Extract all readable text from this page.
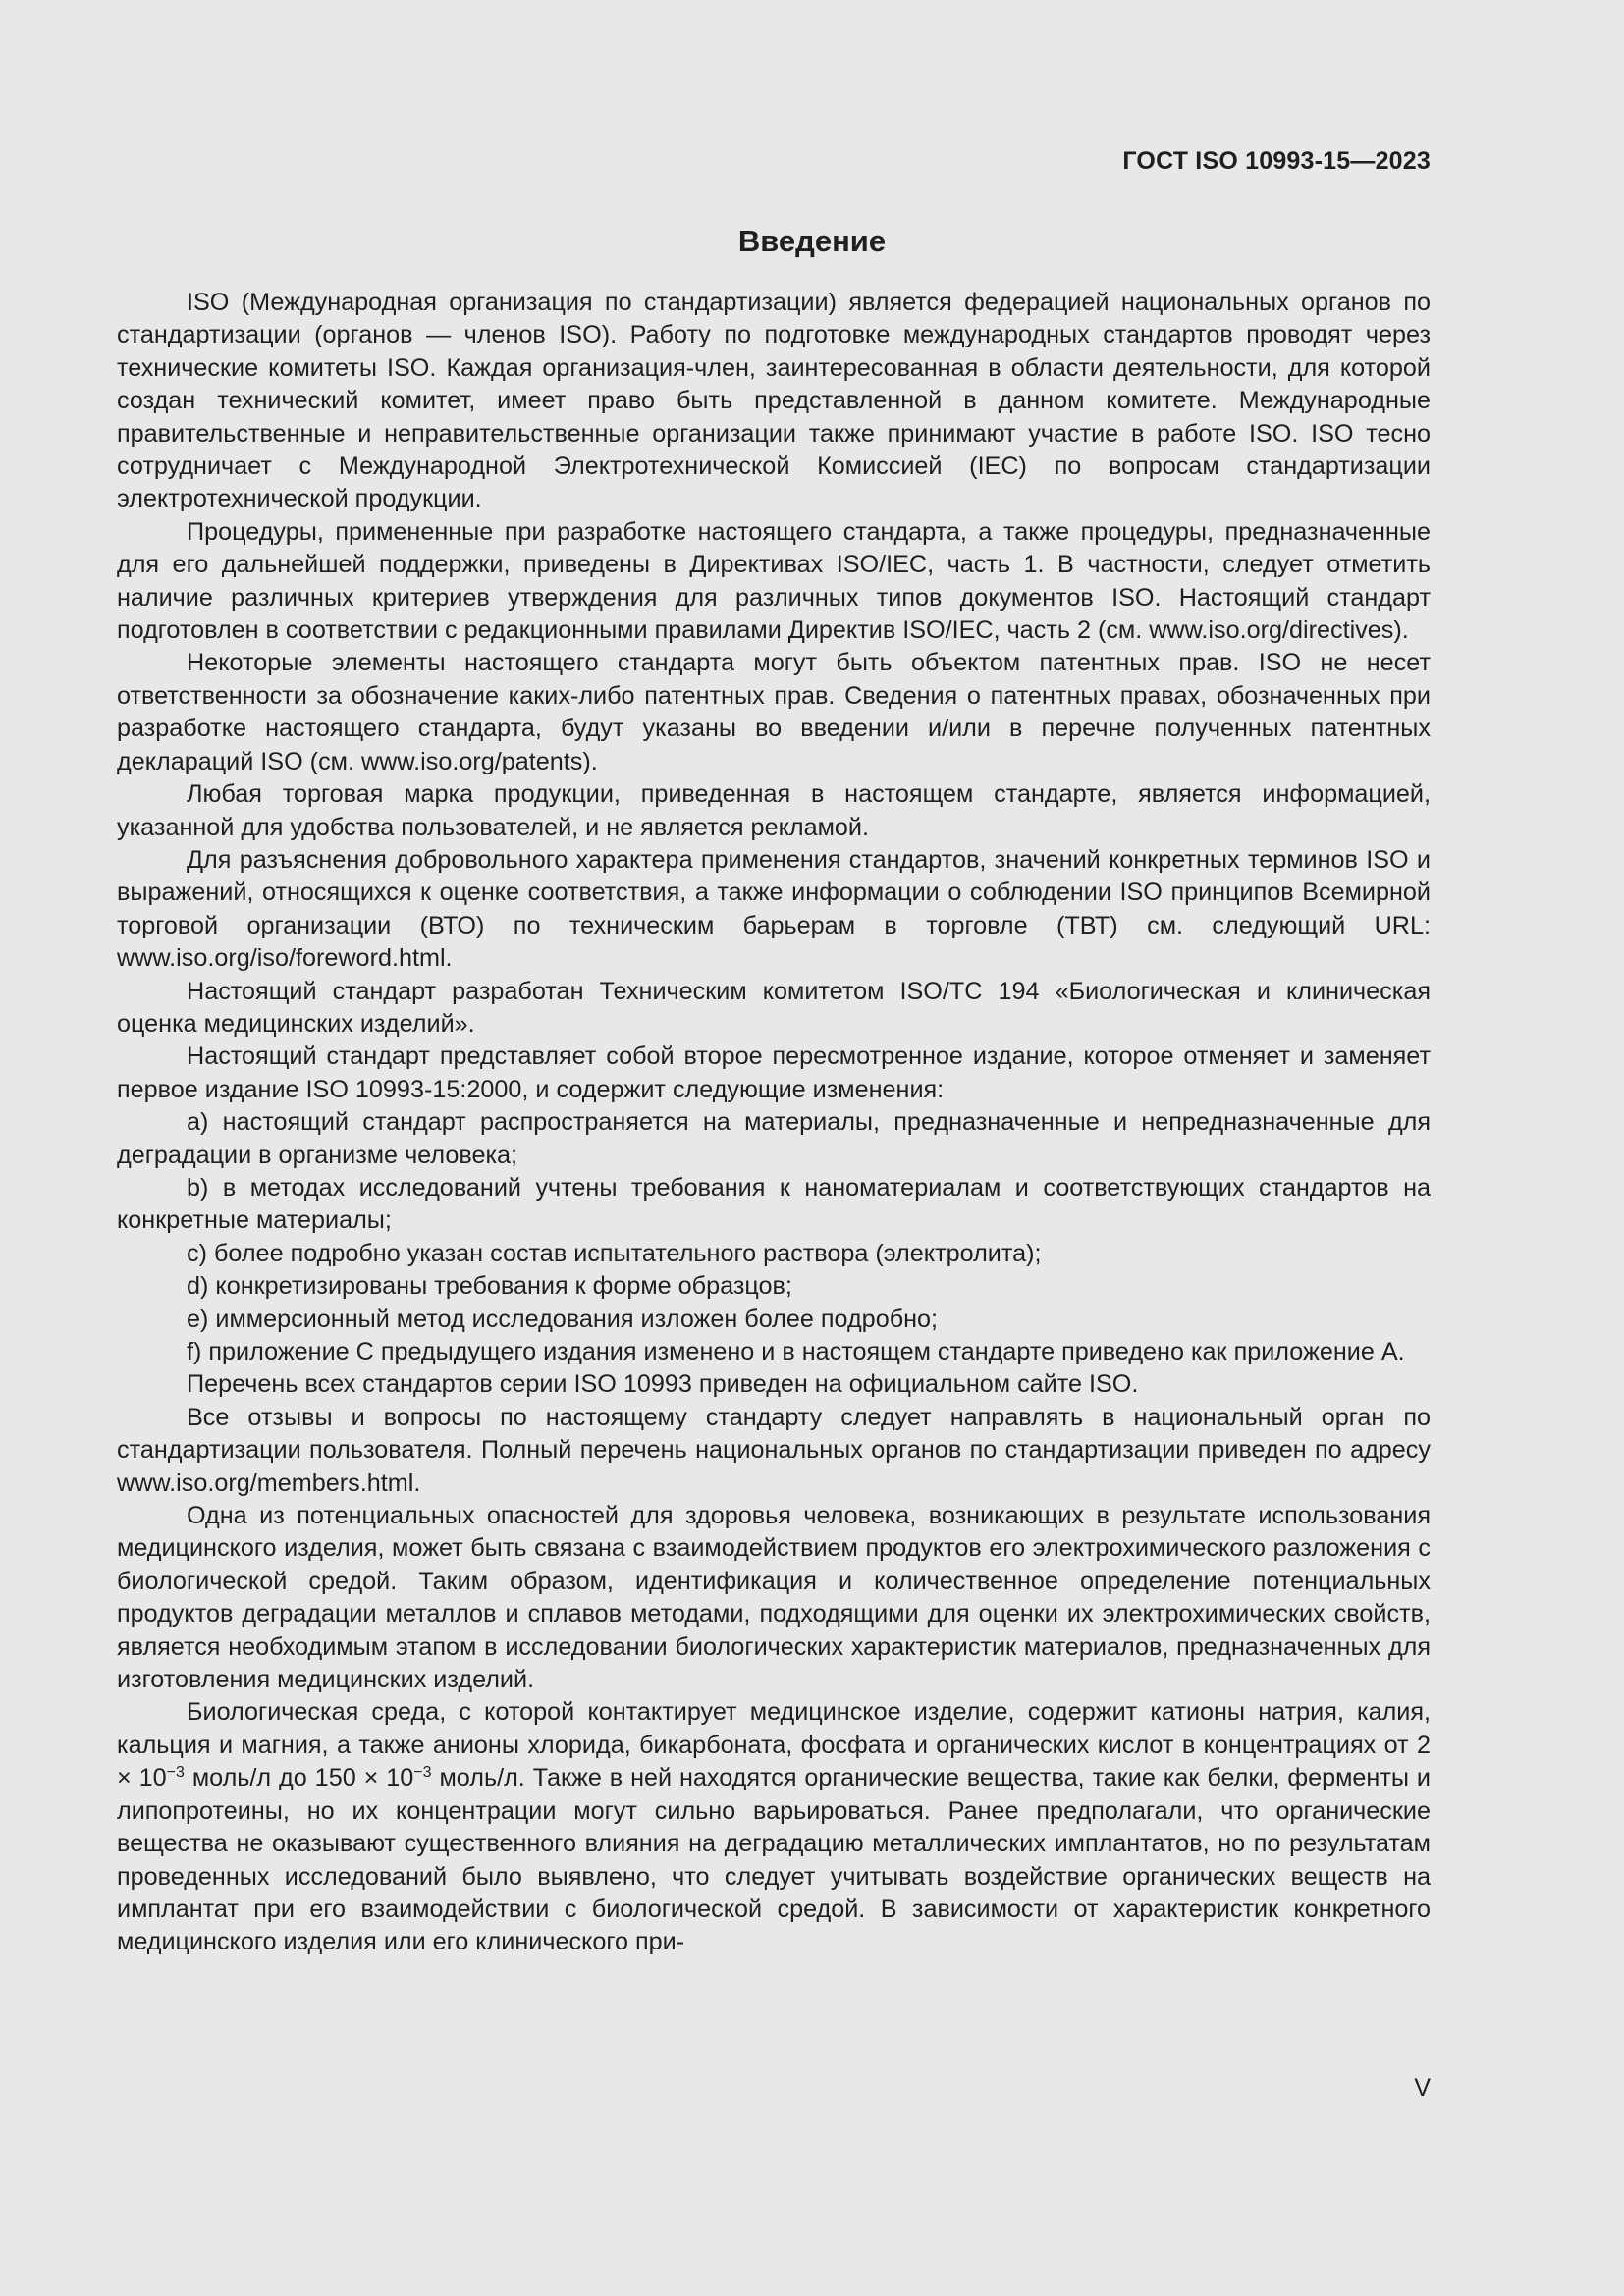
ГОСТ ISO 10993-15—2023
Введение

ISO (Международная организация по стандартизации) является федерацией национальных органов по стандартизации (органов — членов ISO). Работу по подготовке международных стандартов проводят через технические комитеты ISO. Каждая организация-член, заинтересованная в области деятельности, для которой создан технический комитет, имеет право быть представленной в данном комитете. Международные правительственные и неправительственные организации также принимают участие в работе ISO. ISO тесно сотрудничает с Международной Электротехнической Комиссией (IEC) по вопросам стандартизации электротехнической продукции.

Процедуры, примененные при разработке настоящего стандарта, а также процедуры, предназначенные для его дальнейшей поддержки, приведены в Директивах ISO/IEC, часть 1. В частности, следует отметить наличие различных критериев утверждения для различных типов документов ISO. Настоящий стандарт подготовлен в соответствии с редакционными правилами Директив ISO/IEC, часть 2 (см. www.iso.org/directives).

Некоторые элементы настоящего стандарта могут быть объектом патентных прав. ISO не несет ответственности за обозначение каких-либо патентных прав. Сведения о патентных правах, обозначенных при разработке настоящего стандарта, будут указаны во введении и/или в перечне полученных патентных деклараций ISO (см. www.iso.org/patents).

Любая торговая марка продукции, приведенная в настоящем стандарте, является информацией, указанной для удобства пользователей, и не является рекламой.

Для разъяснения добровольного характера применения стандартов, значений конкретных терминов ISO и выражений, относящихся к оценке соответствия, а также информации о соблюдении ISO принципов Всемирной торговой организации (ВТО) по техническим барьерам в торговле (ТВТ) см. следующий URL: www.iso.org/iso/foreword.html.

Настоящий стандарт разработан Техническим комитетом ISO/TC 194 «Биологическая и клиническая оценка медицинских изделий».

Настоящий стандарт представляет собой второе пересмотренное издание, которое отменяет и заменяет первое издание ISO 10993-15:2000, и содержит следующие изменения:

a) настоящий стандарт распространяется на материалы, предназначенные и непредназначенные для деградации в организме человека;

b) в методах исследований учтены требования к наноматериалам и соответствующих стандартов на конкретные материалы;

c) более подробно указан состав испытательного раствора (электролита);

d) конкретизированы требования к форме образцов;

e) иммерсионный метод исследования изложен более подробно;

f) приложение С предыдущего издания изменено и в настоящем стандарте приведено как приложение А.

Перечень всех стандартов серии ISO 10993 приведен на официальном сайте ISO.

Все отзывы и вопросы по настоящему стандарту следует направлять в национальный орган по стандартизации пользователя. Полный перечень национальных органов по стандартизации приведен по адресу www.iso.org/members.html.

Одна из потенциальных опасностей для здоровья человека, возникающих в результате использования медицинского изделия, может быть связана с взаимодействием продуктов его электрохимического разложения с биологической средой. Таким образом, идентификация и количественное определение потенциальных продуктов деградации металлов и сплавов методами, подходящими для оценки их электрохимических свойств, является необходимым этапом в исследовании биологических характеристик материалов, предназначенных для изготовления медицинских изделий.

Биологическая среда, с которой контактирует медицинское изделие, содержит катионы натрия, калия, кальция и магния, а также анионы хлорида, бикарбоната, фосфата и органических кислот в концентрациях от $2 \times 10^{-3}$ моль/л до $150 \times 10^{-3}$ моль/л. Также в ней находятся органические вещества, такие как белки, ферменты и липопротеины, но их концентрации могут сильно варьироваться. Ранее предполагали, что органические вещества не оказывают существенного влияния на деградацию металлических имплантатов, но по результатам проведенных исследований было выявлено, что следует учитывать воздействие органических веществ на имплантат при его взаимодействии с биологической средой. В зависимости от характеристик конкретного медицинского изделия или его клинического при-

V
